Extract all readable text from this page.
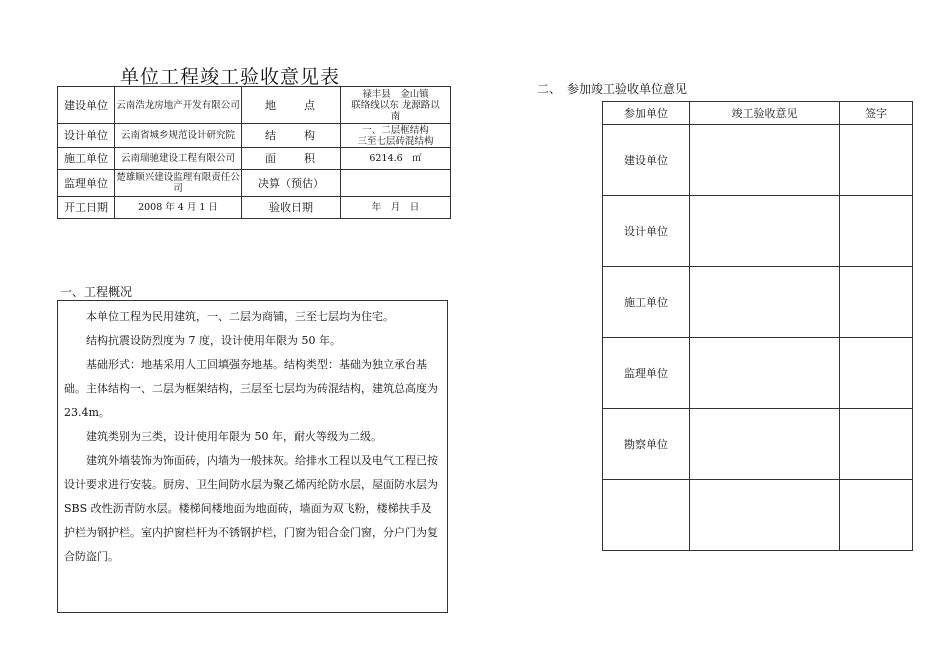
单位工程竣工验收意见表
建设单位	云南浩龙房地产开发有限公司	地　　点	禄丰县　金山镇
联络线以东 龙源路以
南
设计单位	云南省城乡规范设计研究院	结　　构	一、二层框结构
三至七层砖混结构
施工单位	云南瑞驰建设工程有限公司	面　　积	6214.6　㎡
监理单位	楚雄顺兴建设监理有限责任公司	决算（预估）	
开工日期	2008 年 4 月 1 日	验收日期	年　月　日
一、工程概况

本单位工程为民用建筑，一、二层为商铺，三至七层均为住宅。

结构抗震设防烈度为 7 度，设计使用年限为 50 年。

基础形式：地基采用人工回填强夯地基。结构类型：基础为独立承台基础。主体结构一、二层为框架结构，三层至七层均为砖混结构，建筑总高度为 23.4m。

建筑类别为三类，设计使用年限为 50 年，耐火等级为二级。

建筑外墙装饰为饰面砖，内墙为一般抹灰。给排水工程以及电气工程已按设计要求进行安装。厨房、卫生间防水层为聚乙烯丙纶防水层，屋面防水层为 SBS 改性沥青防水层。楼梯间楼地面为地面砖，墙面为双飞粉，楼梯扶手及护栏为钢护栏。室内护窗栏杆为不锈钢护栏，门窗为铝合金门窗，分户门为复合防盗门。

二、　参加竣工验收单位意见
参加单位	竣工验收意见	签字
建设单位		
设计单位		
施工单位		
监理单位		
勘察单位		
